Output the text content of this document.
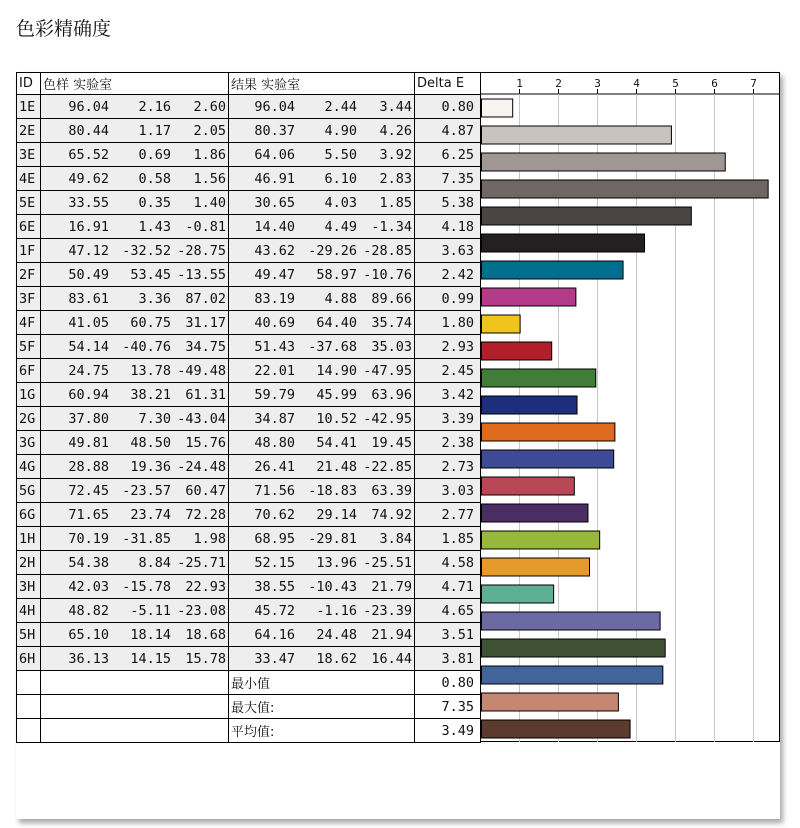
色彩精确度
ID	色样 实验室	结果 实验室	Delta E
1E	96.04 2.16 2.60	96.04 2.44 3.44	0.80
2E	80.44 1.17 2.05	80.37 4.90 4.26	4.87
3E	65.52 0.69 1.86	64.06 5.50 3.92	6.25
4E	49.62 0.58 1.56	46.91 6.10 2.83	7.35
5E	33.55 0.35 1.40	30.65 4.03 1.85	5.38
6E	16.91 1.43 -0.81	14.40 4.49 -1.34	4.18
1F	47.12 -32.52 -28.75	43.62 -29.26 -28.85	3.63
2F	50.49 53.45 -13.55	49.47 58.97 -10.76	2.42
3F	83.61 3.36 87.02	83.19 4.88 89.66	0.99
4F	41.05 60.75 31.17	40.69 64.40 35.74	1.80
5F	54.14 -40.76 34.75	51.43 -37.68 35.03	2.93
6F	24.75 13.78 -49.48	22.01 14.90 -47.95	2.45
1G	60.94 38.21 61.31	59.79 45.99 63.96	3.42
2G	37.80 7.30 -43.04	34.87 10.52 -42.95	3.39
3G	49.81 48.50 15.76	48.80 54.41 19.45	2.38
4G	28.88 19.36 -24.48	26.41 21.48 -22.85	2.73
5G	72.45 -23.57 60.47	71.56 -18.83 63.39	3.03
6G	71.65 23.74 72.28	70.62 29.14 74.92	2.77
1H	70.19 -31.85 1.98	68.95 -29.81 3.84	1.85
2H	54.38 8.84 -25.71	52.15 13.96 -25.51	4.58
3H	42.03 -15.78 22.93	38.55 -10.43 21.79	4.71
4H	48.82 -5.11 -23.08	45.72 -1.16 -23.39	4.65
5H	65.10 18.14 18.68	64.16 24.48 21.94	3.51
6H	36.13 14.15 15.78	33.47 18.62 16.44	3.81
		最小值	0.80
		最大值:	7.35
		平均值:	3.49
1	2	3	4	5	6	7
